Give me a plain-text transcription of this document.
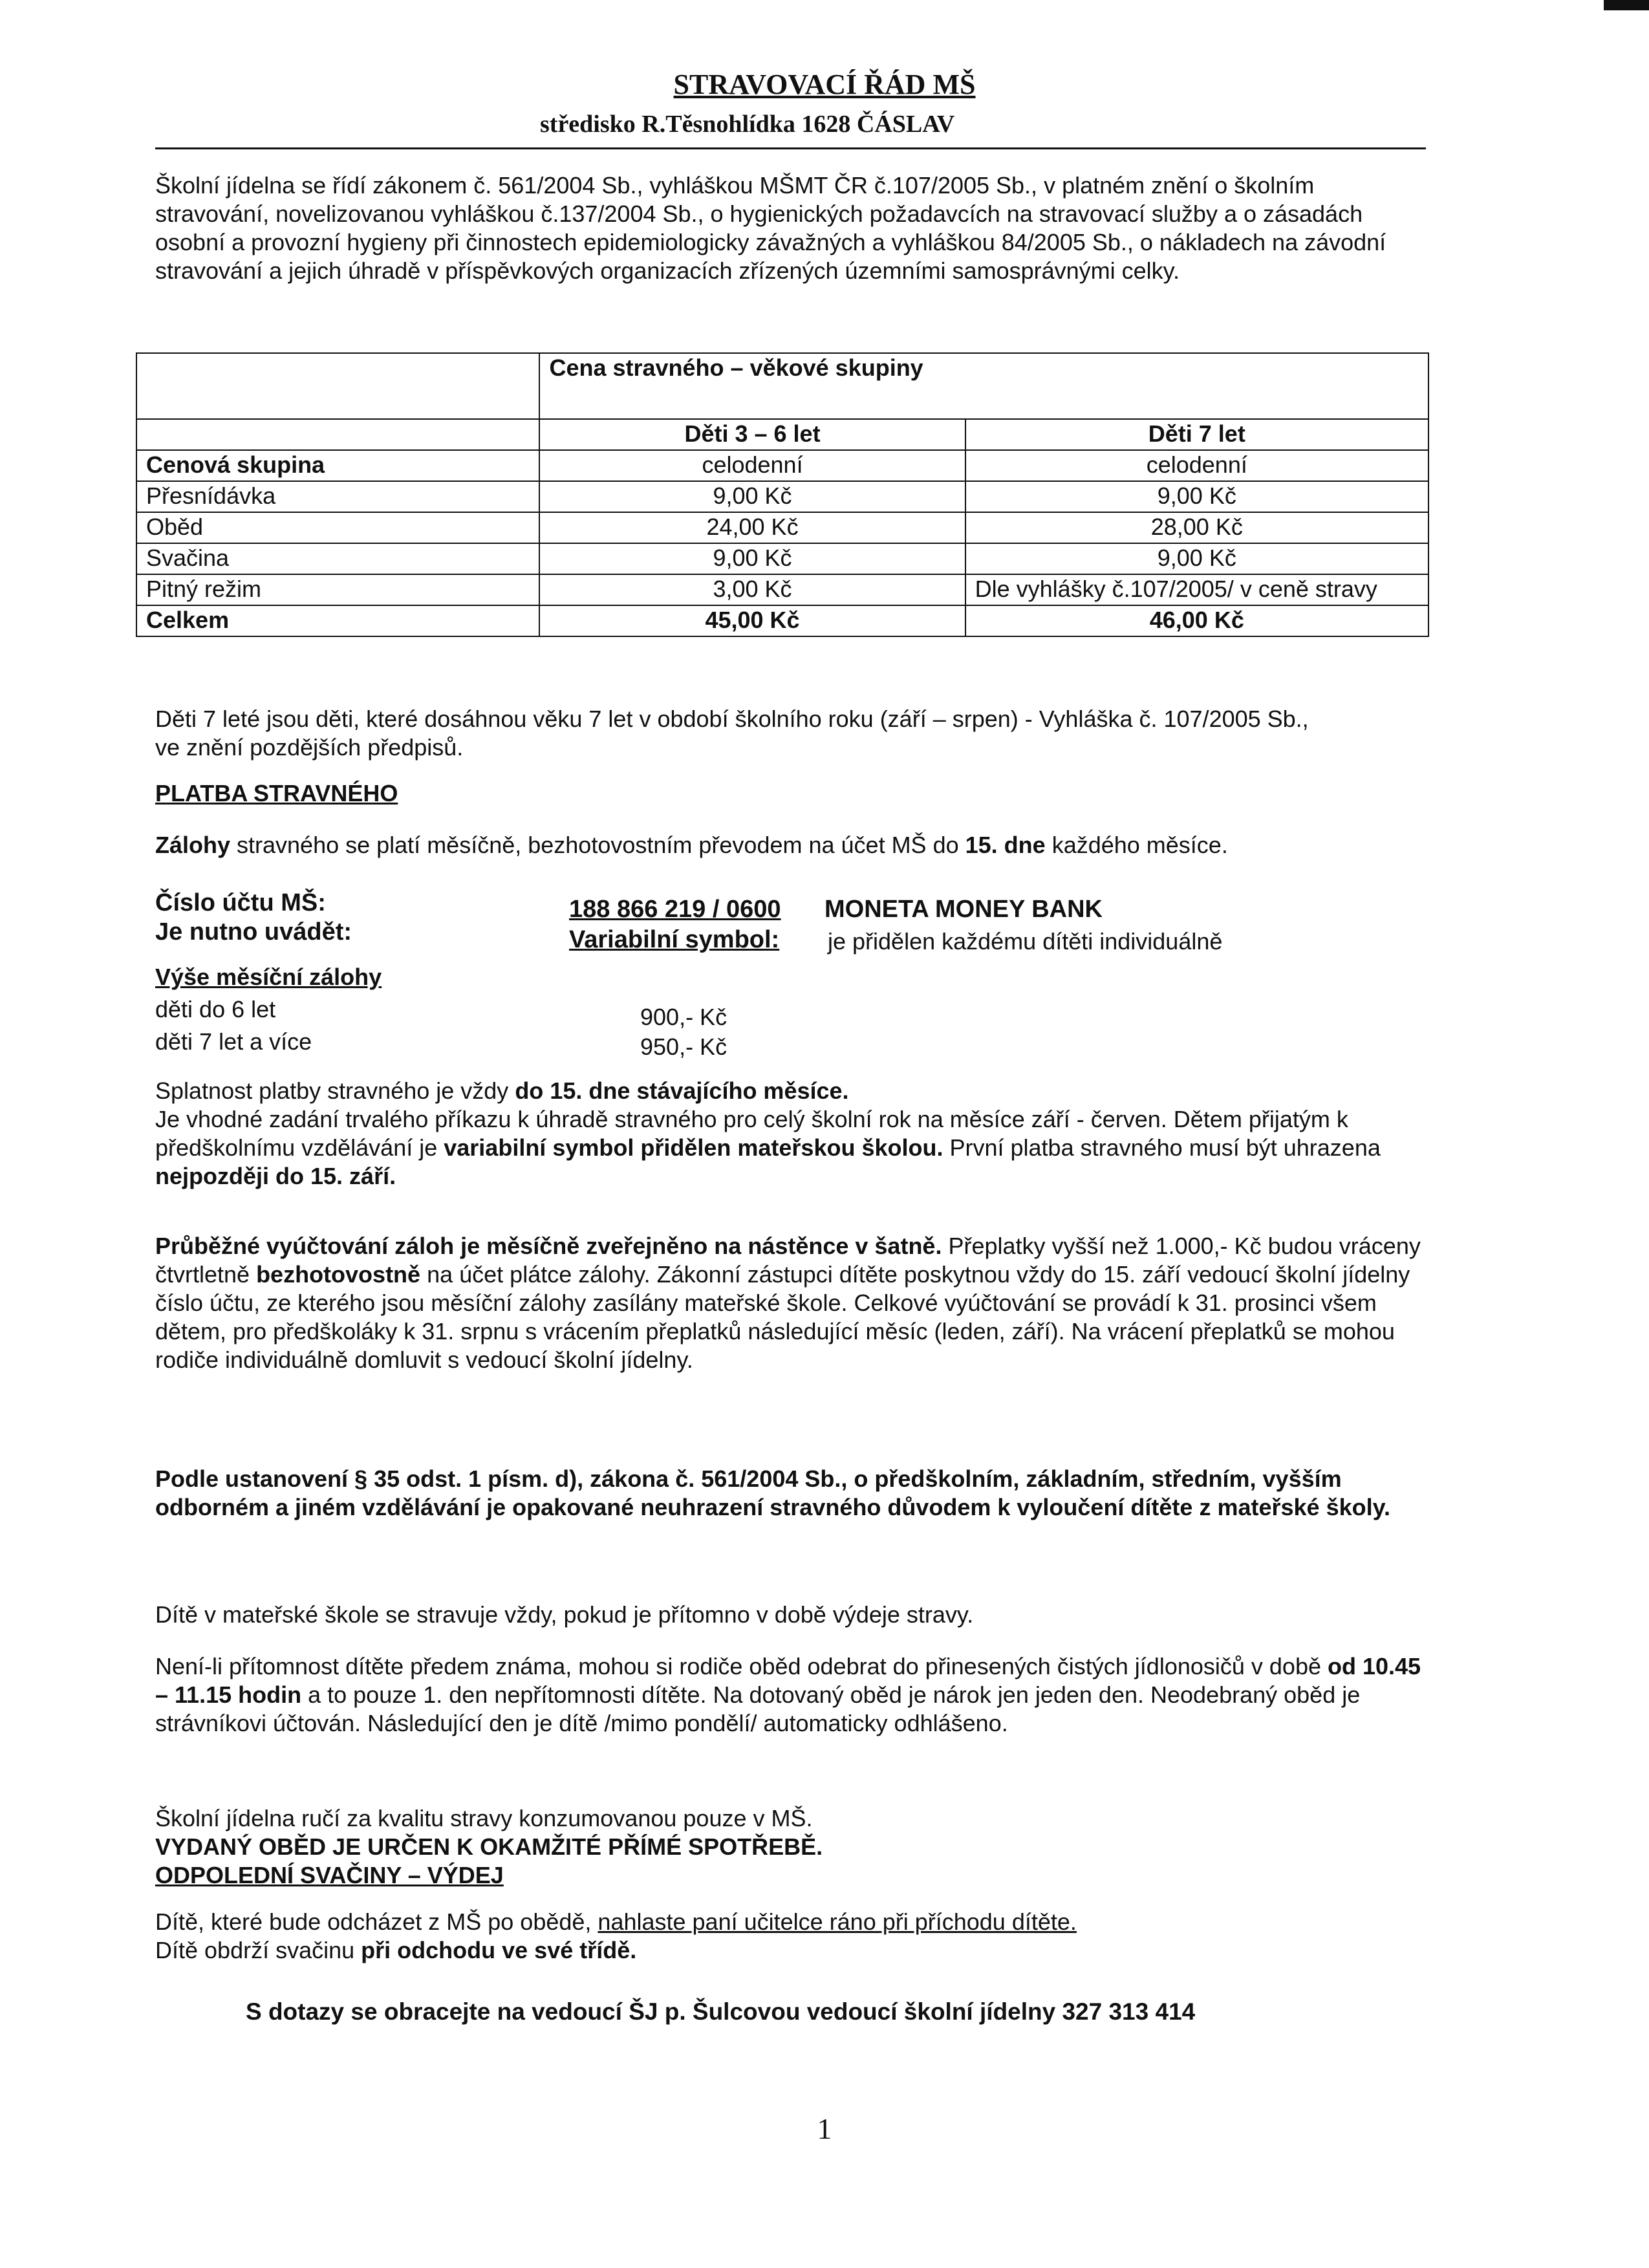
STRAVOVACÍ ŘÁD MŠ
středisko R.Těsnohlídka 1628 ČÁSLAV

Školní jídelna se řídí zákonem č. 561/2004 Sb., vyhláškou MŠMT ČR č.107/2005 Sb., v platném znění o školním stravování, novelizovanou vyhláškou č.137/2004 Sb., o hygienických požadavcích na stravovací služby a o zásadách osobní a provozní hygieny při činnostech epidemiologicky závažných a vyhláškou 84/2005 Sb., o nákladech na závodní stravování a jejich úhradě v příspěvkových organizacích zřízených územními samosprávnými celky.

	Cena stravného – věkové skupiny	
	Děti 3 – 6 let	Děti 7 let
Cenová skupina	celodenní	celodenní
Přesnídávka	9,00 Kč	9,00 Kč
Oběd	24,00 Kč	28,00 Kč
Svačina	9,00 Kč	9,00 Kč
Pitný režim	3,00 Kč	Dle vyhlášky č.107/2005/ v ceně stravy
Celkem	45,00 Kč	46,00 Kč

Děti 7 leté jsou děti, které dosáhnou věku 7 let v období školního roku (září – srpen) - Vyhláška č. 107/2005 Sb., ve znění pozdějších předpisů.

PLATBA STRAVNÉHO

Zálohy stravného se platí měsíčně, bezhotovostním převodem na účet MŠ do 15. dne každého měsíce.

Číslo účtu MŠ:	188 866 219 / 0600 MONETA MONEY BANK
Je nutno uvádět:	Variabilní symbol: je přidělen každému dítěti individuálně
Výše měsíční zálohy
děti do 6 let	900,- Kč
děti 7 let a více	950,- Kč

Splatnost platby stravného je vždy do 15. dne stávajícího měsíce.
Je vhodné zadání trvalého příkazu k úhradě stravného pro celý školní rok na měsíce září - červen. Dětem přijatým k předškolnímu vzdělávání je variabilní symbol přidělen mateřskou školou. První platba stravného musí být uhrazena nejpozději do 15. září.

Průběžné vyúčtování záloh je měsíčně zveřejněno na nástěnce v šatně. Přeplatky vyšší než 1.000,- Kč budou vráceny čtvrtletně bezhotovostně na účet plátce zálohy. Zákonní zástupci dítěte poskytnou vždy do 15. září vedoucí školní jídelny číslo účtu, ze kterého jsou měsíční zálohy zasílány mateřské škole. Celkové vyúčtování se provádí k 31. prosinci všem dětem, pro předškoláky k 31. srpnu s vrácením přeplatků následující měsíc (leden, září). Na vrácení přeplatků se mohou rodiče individuálně domluvit s vedoucí školní jídelny.

Podle ustanovení § 35 odst. 1 písm. d), zákona č. 561/2004 Sb., o předškolním, základním, středním, vyšším odborném a jiném vzdělávání je opakované neuhrazení stravného důvodem k vyloučení dítěte z mateřské školy.

Dítě v mateřské škole se stravuje vždy, pokud je přítomno v době výdeje stravy.

Není-li přítomnost dítěte předem známa, mohou si rodiče oběd odebrat do přinesených čistých jídlonosičů v době od 10.45 – 11.15 hodin a to pouze 1. den nepřítomnosti dítěte. Na dotovaný oběd je nárok jen jeden den. Neodebraný oběd je strávníkovi účtován. Následující den je dítě /mimo pondělí/ automaticky odhlášeno.

Školní jídelna ručí za kvalitu stravy konzumovanou pouze v MŠ.

VYDANÝ OBĚD JE URČEN K OKAMŽITÉ PŘÍMÉ SPOTŘEBĚ.

ODPOLEDNÍ SVAČINY – VÝDEJ

Dítě, které bude odcházet z MŠ po obědě, nahlaste paní učitelce ráno při příchodu dítěte.

Dítě obdrží svačinu při odchodu ve své třídě.

S dotazy se obracejte na vedoucí ŠJ p. Šulcovou vedoucí školní jídelny 327 313 414
1
